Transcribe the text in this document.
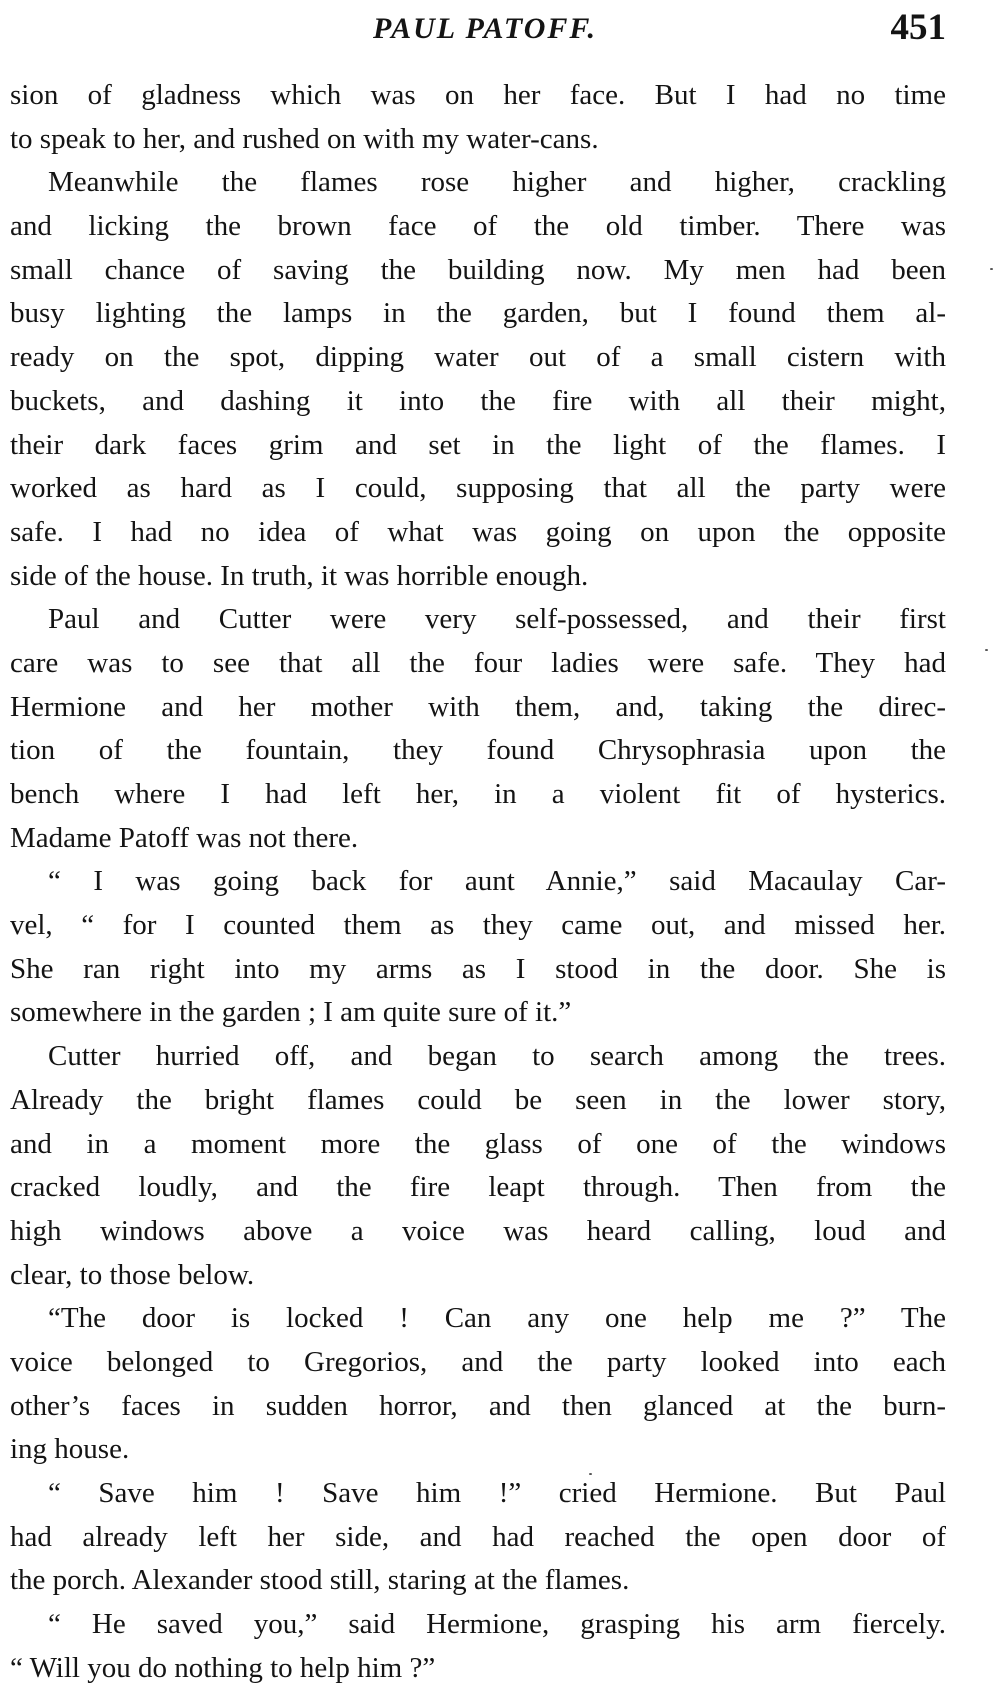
PAUL PATOFF.	451
sion of gladness which was on her face. But I had no time
to speak to her, and rushed on with my water-cans.
Meanwhile the flames rose higher and higher, crackling
and licking the brown face of the old timber. There was
small chance of saving the building now. My men had been
busy lighting the lamps in the garden, but I found them al-
ready on the spot, dipping water out of a small cistern with
buckets, and dashing it into the fire with all their might,
their dark faces grim and set in the light of the flames. I
worked as hard as I could, supposing that all the party were
safe. I had no idea of what was going on upon the opposite
side of the house. In truth, it was horrible enough.
Paul and Cutter were very self-possessed, and their first
care was to see that all the four ladies were safe. They had
Hermione and her mother with them, and, taking the direc-
tion of the fountain, they found Chrysophrasia upon the
bench where I had left her, in a violent fit of hysterics.
Madame Patoff was not there.
“ I was going back for aunt Annie,” said Macaulay Car-
vel, “ for I counted them as they came out, and missed her.
She ran right into my arms as I stood in the door. She is
somewhere in the garden ; I am quite sure of it.”
Cutter hurried off, and began to search among the trees.
Already the bright flames could be seen in the lower story,
and in a moment more the glass of one of the windows
cracked loudly, and the fire leapt through. Then from the
high windows above a voice was heard calling, loud and
clear, to those below.
“The door is locked ! Can any one help me ?” The
voice belonged to Gregorios, and the party looked into each
other’s faces in sudden horror, and then glanced at the burn-
ing house.
“ Save him ! Save him !” cried Hermione. But Paul
had already left her side, and had reached the open door of
the porch. Alexander stood still, staring at the flames.
“ He saved you,” said Hermione, grasping his arm fiercely.
“ Will you do nothing to help him ?”
